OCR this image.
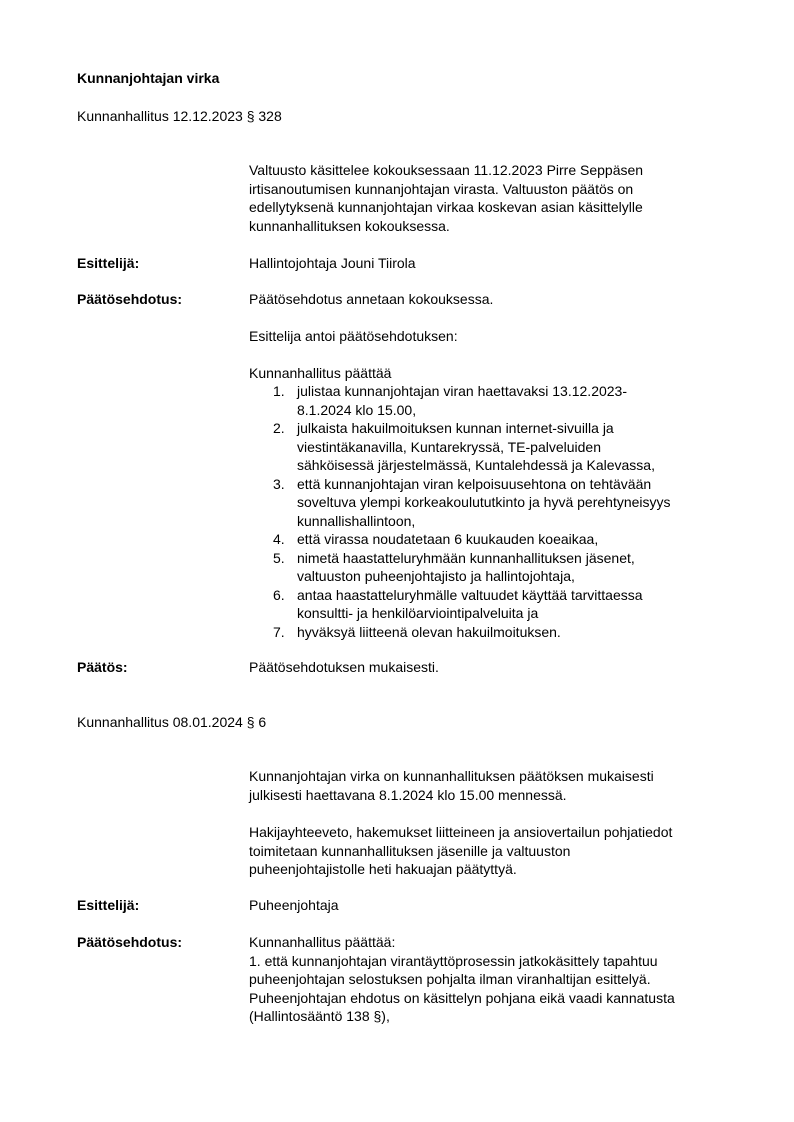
Kunnanjohtajan virka
Kunnanhallitus 12.12.2023 § 328
Valtuusto käsittelee kokouksessaan 11.12.2023 Pirre Seppäsen
irtisanoutumisen kunnanjohtajan virasta. Valtuuston päätös on
edellytyksenä kunnanjohtajan virkaa koskevan asian käsittelylle
kunnanhallituksen kokouksessa.
Esittelijä:	Hallintojohtaja Jouni Tiirola
Päätösehdotus:	Päätösehdotus annetaan kokouksessa.
Esittelija antoi päätösehdotuksen:
Kunnanhallitus päättää
1. julistaa kunnanjohtajan viran haettavaksi 13.12.2023-
8.1.2024 klo 15.00,
2. julkaista hakuilmoituksen kunnan internet-sivuilla ja
viestintäkanavilla, Kuntarekryssä, TE-palveluiden
sähköisessä järjestelmässä, Kuntalehdessä ja Kalevassa,
3. että kunnanjohtajan viran kelpoisuusehtona on tehtävään
soveltuva ylempi korkeakoulututkinto ja hyvä perehtyneisyys
kunnallishallintoon,
4. että virassa noudatetaan 6 kuukauden koeaikaa,
5. nimetä haastatteluryhmään kunnanhallituksen jäsenet,
valtuuston puheenjohtajisto ja hallintojohtaja,
6. antaa haastatteluryhmälle valtuudet käyttää tarvittaessa
konsultti- ja henkilöarviointipalveluita ja
7. hyväksyä liitteenä olevan hakuilmoituksen.
Päätös:	Päätösehdotuksen mukaisesti.
Kunnanhallitus 08.01.2024 § 6
Kunnanjohtajan virka on kunnanhallituksen päätöksen mukaisesti
julkisesti haettavana 8.1.2024 klo 15.00 mennessä.
Hakijayhteeveto, hakemukset liitteineen ja ansiovertailun pohjatiedot
toimitetaan kunnanhallituksen jäsenille ja valtuuston
puheenjohtajistolle heti hakuajan päätyttyä.
Esittelijä:	Puheenjohtaja
Päätösehdotus:	Kunnanhallitus päättää:
1. että kunnanjohtajan virantäyttöprosessin jatkokäsittely tapahtuu
puheenjohtajan selostuksen pohjalta ilman viranhaltijan esittelyä.
Puheenjohtajan ehdotus on käsittelyn pohjana eikä vaadi kannatusta
(Hallintosääntö 138 §),
